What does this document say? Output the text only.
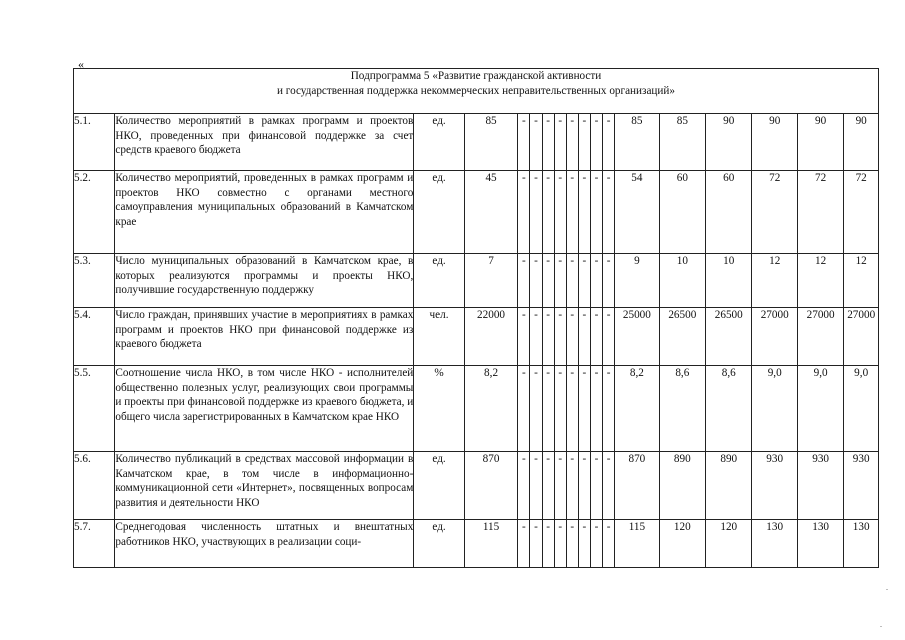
«
Подпрограмма 5 «Развитие гражданской активности
и государственная поддержка некоммерческих неправительственных организаций»																	

5.1.	Количество мероприятий в рамках программ и проектов НКО, проведенных при финансовой поддержке за счет средств краевого бюджета	ед.	85	-	-	-	-	-	-	-	-	85	85	90	90	90	90
5.2.	Количество мероприятий, проведенных в рамках программ и проектов НКО совместно с органами местного самоуправления муниципальных образований в Камчатском крае	ед.	45	-	-	-	-	-	-	-	-	54	60	60	72	72	72
5.3.	Число муниципальных образований в Камчатском крае, в которых реализуются программы и проекты НКО, получившие государственную поддержку	ед.	7	-	-	-	-	-	-	-	-	9	10	10	12	12	12
5.4.	Число граждан, принявших участие в мероприятиях в рамках программ и проектов НКО при финансовой поддержке из краевого бюджета	чел.	22000	-	-	-	-	-	-	-	-	25000	26500	26500	27000	27000	27000
5.5.	Соотношение числа НКО, в том числе НКО - исполнителей общественно полезных услуг, реализующих свои программы и проекты при финансовой поддержке из краевого бюджета, и общего числа зарегистрированных в Камчатском крае НКО	%	8,2	-	-	-	-	-	-	-	-	8,2	8,6	8,6	9,0	9,0	9,0
5.6.	Количество публикаций в средствах массовой информации в Камчатском крае, в том числе в информационно-коммуникационной сети «Интернет», посвященных вопросам развития и деятельности НКО	ед.	870	-	-	-	-	-	-	-	-	870	890	890	930	930	930
5.7.	Среднегодовая численность штатных и внештатных работников НКО, участвующих в реализации соци-	ед.	115	-	-	-	-	-	-	-	-	115	120	120	130	130	130
.
.
